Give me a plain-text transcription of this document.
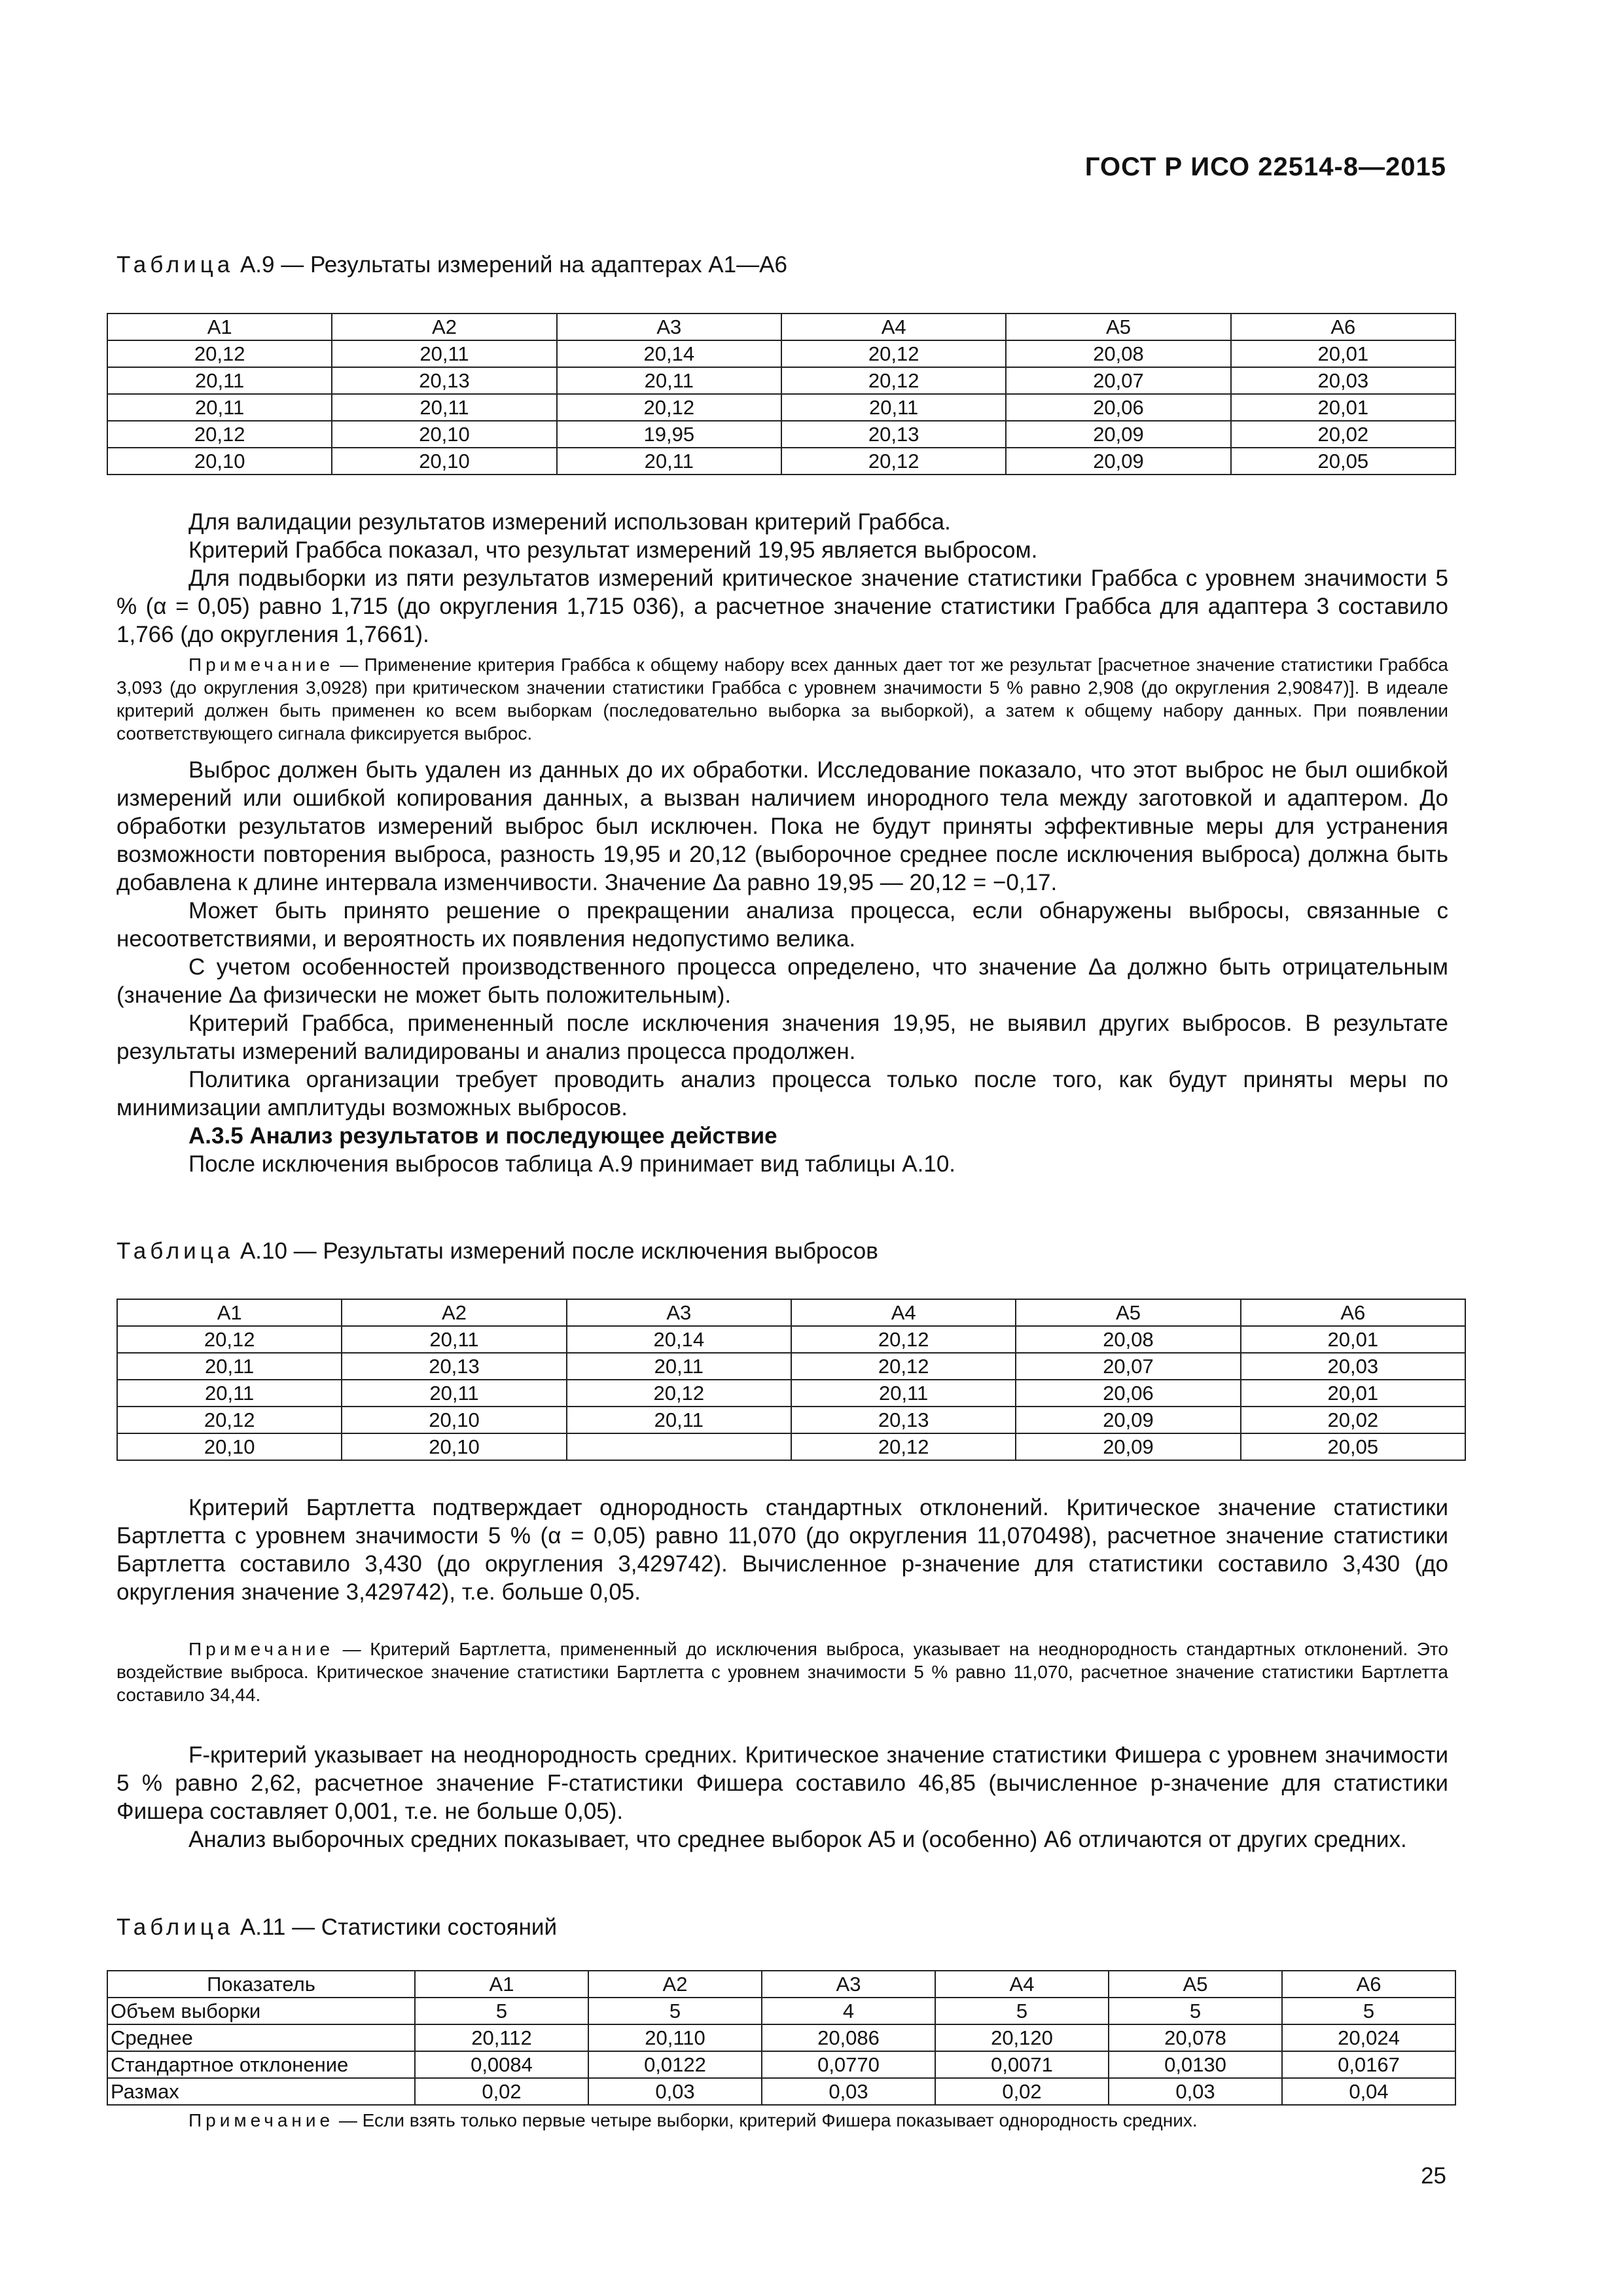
ГОСТ Р ИСО 22514-8—2015
Таблица А.9 — Результаты измерений на адаптерах А1—А6
А1	А2	А3	А4	А5	А6
20,12	20,11	20,14	20,12	20,08	20,01
20,11	20,13	20,11	20,12	20,07	20,03
20,11	20,11	20,12	20,11	20,06	20,01
20,12	20,10	19,95	20,13	20,09	20,02
20,10	20,10	20,11	20,12	20,09	20,05

Для валидации результатов измерений использован критерий Граббса.

Критерий Граббса показал, что результат измерений 19,95 является выбросом.

Для подвыборки из пяти результатов измерений критическое значение статистики Граббса с уровнем значимости 5 % (α = 0,05) равно 1,715 (до округления 1,715 036), а расчетное значение статистики Граббса для адаптера 3 составило 1,766 (до округления 1,7661).

Примечание — Применение критерия Граббса к общему набору всех данных дает тот же результат [расчетное значение статистики Граббса 3,093 (до округления 3,0928) при критическом значении статистики Граббса с уровнем значимости 5 % равно 2,908 (до округления 2,90847)]. В идеале критерий должен быть применен ко всем выборкам (последовательно выборка за выборкой), а затем к общему набору данных. При появлении соответствующего сигнала фиксируется выброс.

Выброс должен быть удален из данных до их обработки. Исследование показало, что этот выброс не был ошибкой измерений или ошибкой копирования данных, а вызван наличием инородного тела между заготовкой и адаптером. До обработки результатов измерений выброс был исключен. Пока не будут приняты эффективные меры для устранения возможности повторения выброса, разность 19,95 и 20,12 (выборочное среднее после исключения выброса) должна быть добавлена к длине интервала изменчивости. Значение Δa равно 19,95 — 20,12 = −0,17.

Может быть принято решение о прекращении анализа процесса, если обнаружены выбросы, связанные с несоответствиями, и вероятность их появления недопустимо велика.

С учетом особенностей производственного процесса определено, что значение Δa должно быть отрицательным (значение Δa физически не может быть положительным).

Критерий Граббса, примененный после исключения значения 19,95, не выявил других выбросов. В результате результаты измерений валидированы и анализ процесса продолжен.

Политика организации требует проводить анализ процесса только после того, как будут приняты меры по минимизации амплитуды возможных выбросов.

А.3.5 Анализ результатов и последующее действие

После исключения выбросов таблица А.9 принимает вид таблицы А.10.

Таблица А.10 — Результаты измерений после исключения выбросов
А1	А2	А3	А4	А5	А6
20,12	20,11	20,14	20,12	20,08	20,01
20,11	20,13	20,11	20,12	20,07	20,03
20,11	20,11	20,12	20,11	20,06	20,01
20,12	20,10	20,11	20,13	20,09	20,02
20,10	20,10		20,12	20,09	20,05

Критерий Бартлетта подтверждает однородность стандартных отклонений. Критическое значение статистики Бартлетта с уровнем значимости 5 % (α = 0,05) равно 11,070 (до округления 11,070498), расчетное значение статистики Бартлетта составило 3,430 (до округления 3,429742). Вычисленное p-значение для статистики составило 3,430 (до округления значение 3,429742), т.е. больше 0,05.

Примечание — Критерий Бартлетта, примененный до исключения выброса, указывает на неоднородность стандартных отклонений. Это воздействие выброса. Критическое значение статистики Бартлетта с уровнем значимости 5 % равно 11,070, расчетное значение статистики Бартлетта составило 34,44.

F-критерий указывает на неоднородность средних. Критическое значение статистики Фишера с уровнем значимости 5 % равно 2,62, расчетное значение F-статистики Фишера составило 46,85 (вычисленное p-значение для статистики Фишера составляет 0,001, т.е. не больше 0,05).

Анализ выборочных средних показывает, что среднее выборок А5 и (особенно) А6 отличаются от других средних.

Таблица А.11 — Статистики состояний
Показатель	А1	А2	А3	А4	А5	А6
Объем выборки	5	5	4	5	5	5
Среднее	20,112	20,110	20,086	20,120	20,078	20,024
Стандартное отклонение	0,0084	0,0122	0,0770	0,0071	0,0130	0,0167
Размах	0,02	0,03	0,03	0,02	0,03	0,04

Примечание — Если взять только первые четыре выборки, критерий Фишера показывает однородность средних.

25
